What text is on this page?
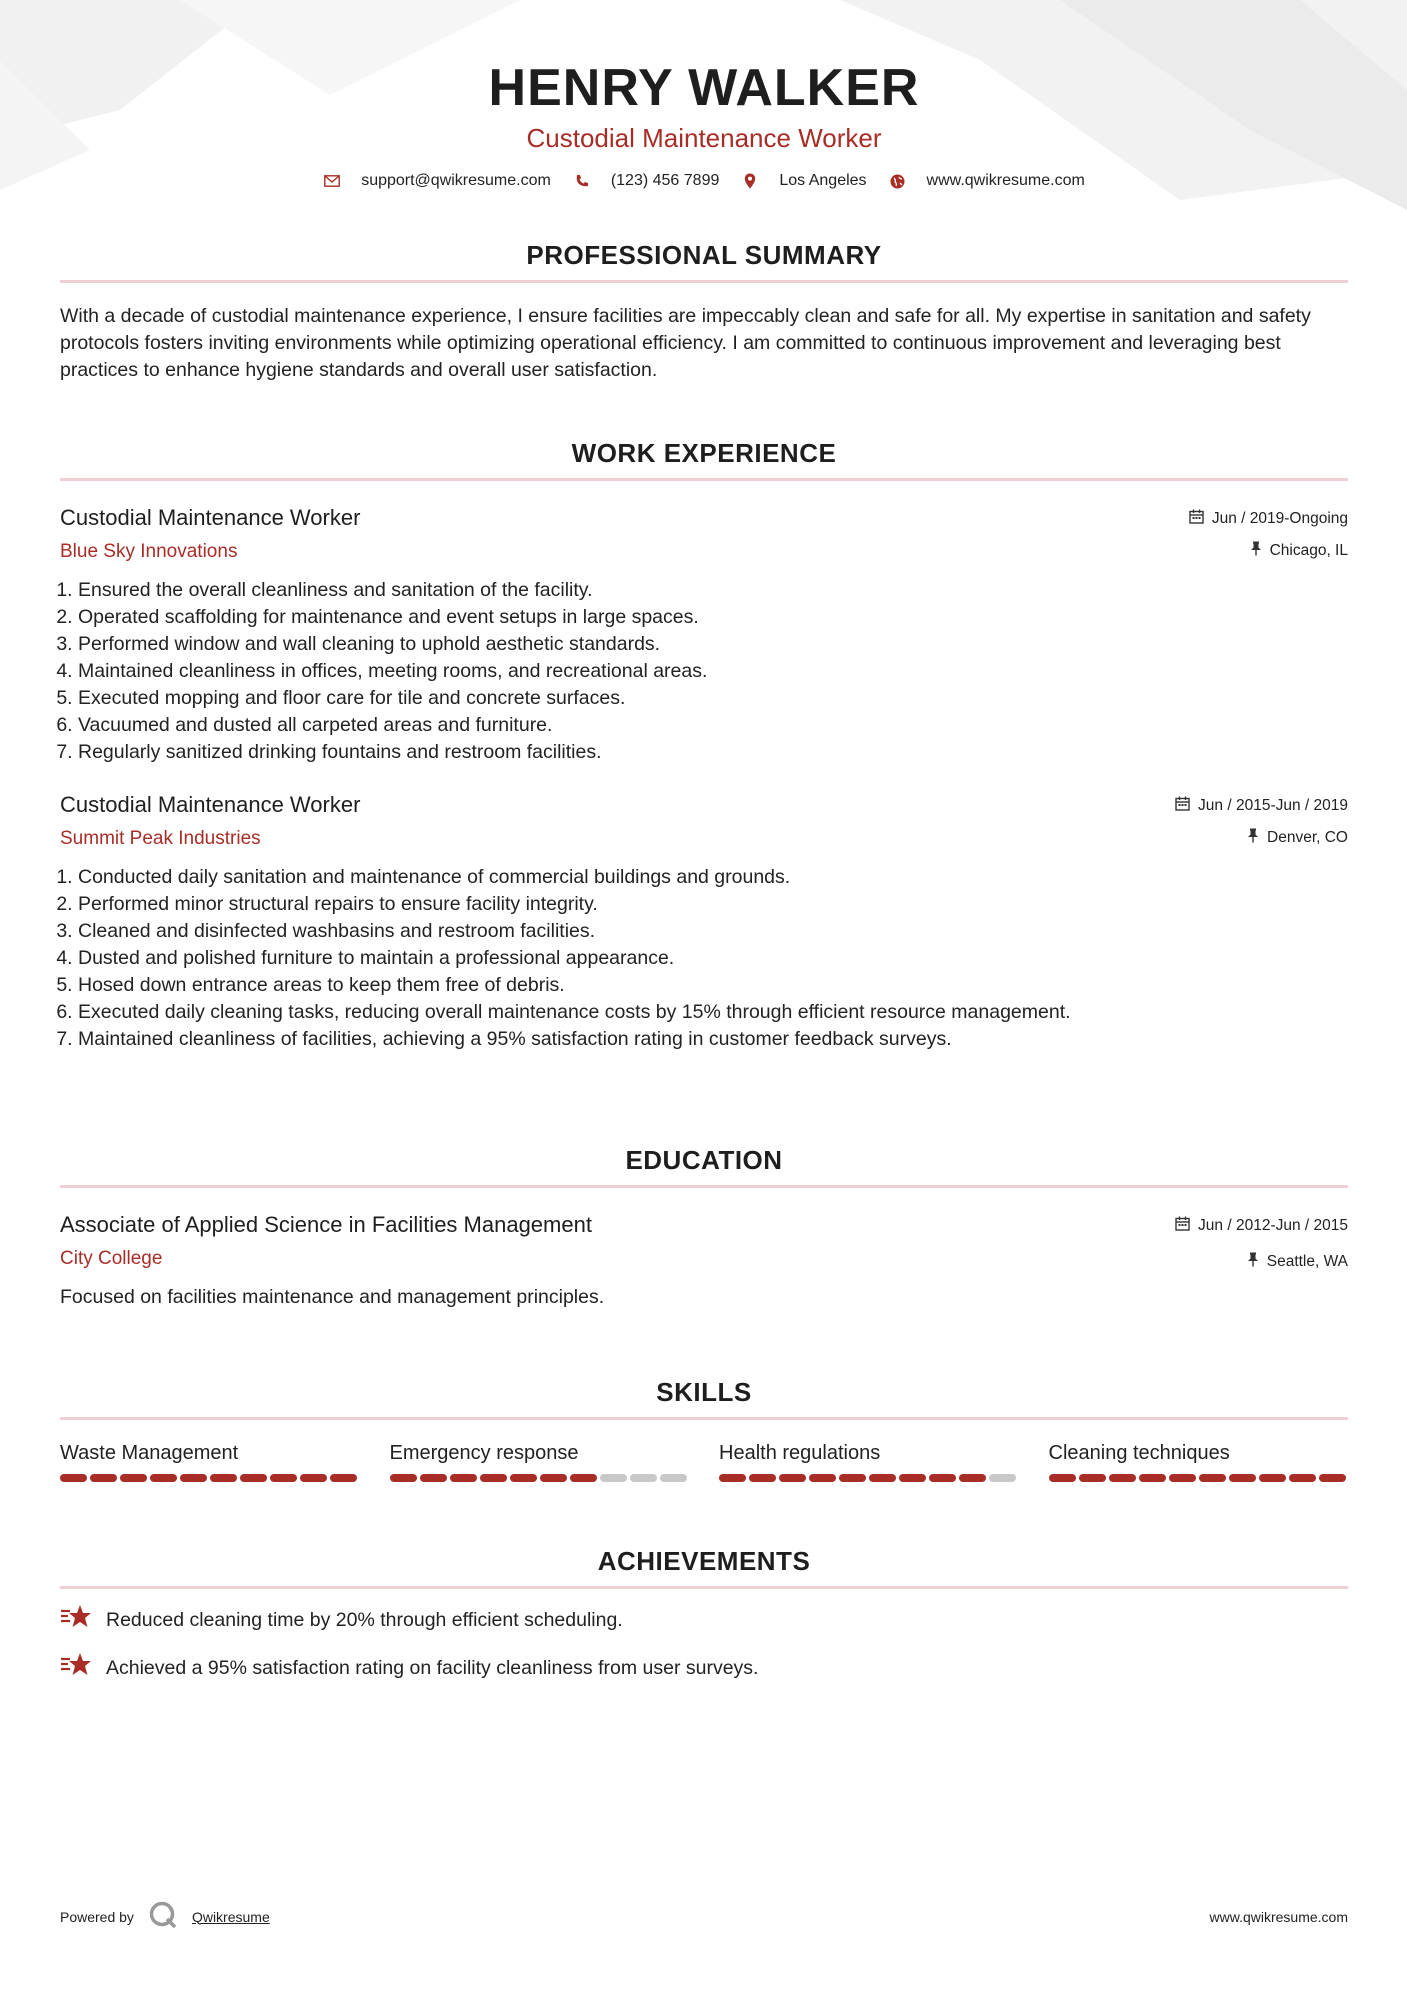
HENRY WALKER
Custodial Maintenance Worker
support@qwikresume.com	(123) 456 7899	Los Angeles	www.qwikresume.com
PROFESSIONAL SUMMARY
With a decade of custodial maintenance experience, I ensure facilities are impeccably clean and safe for all. My expertise in sanitation and safety protocols fosters inviting environments while optimizing operational efficiency. I am committed to continuous improvement and leveraging best practices to enhance hygiene standards and overall user satisfaction.
WORK EXPERIENCE
Custodial Maintenance Worker
Blue Sky Innovations
Jun / 2019-Ongoing
Chicago, IL
1. Ensured the overall cleanliness and sanitation of the facility.
2. Operated scaffolding for maintenance and event setups in large spaces.
3. Performed window and wall cleaning to uphold aesthetic standards.
4. Maintained cleanliness in offices, meeting rooms, and recreational areas.
5. Executed mopping and floor care for tile and concrete surfaces.
6. Vacuumed and dusted all carpeted areas and furniture.
7. Regularly sanitized drinking fountains and restroom facilities.
Custodial Maintenance Worker
Summit Peak Industries
Jun / 2015-Jun / 2019
Denver, CO
1. Conducted daily sanitation and maintenance of commercial buildings and grounds.
2. Performed minor structural repairs to ensure facility integrity.
3. Cleaned and disinfected washbasins and restroom facilities.
4. Dusted and polished furniture to maintain a professional appearance.
5. Hosed down entrance areas to keep them free of debris.
6. Executed daily cleaning tasks, reducing overall maintenance costs by 15% through efficient resource management.
7. Maintained cleanliness of facilities, achieving a 95% satisfaction rating in customer feedback surveys.
EDUCATION
Associate of Applied Science in Facilities Management
City College
Jun / 2012-Jun / 2015
Seattle, WA
Focused on facilities maintenance and management principles.
SKILLS
Waste Management	Emergency response	Health regulations	Cleaning techniques
ACHIEVEMENTS
Reduced cleaning time by 20% through efficient scheduling.
Achieved a 95% satisfaction rating on facility cleanliness from user surveys.
Powered by	Qwikresume	www.qwikresume.com
